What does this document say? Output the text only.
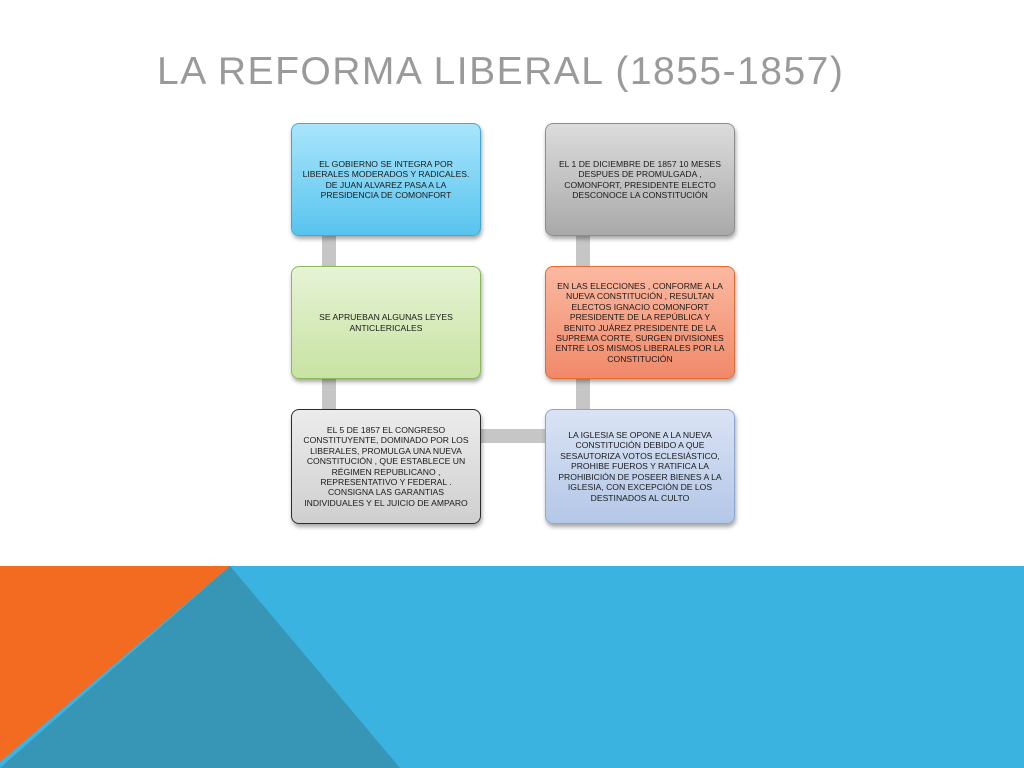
LA REFORMA LIBERAL (1855-1857)
EL GOBIERNO SE INTEGRA POR LIBERALES MODERADOS Y RADICALES. DE JUAN ALVAREZ PASA A LA PRESIDENCIA DE COMONFORT
SE APRUEBAN ALGUNAS LEYES ANTICLERICALES
EL 5 DE 1857 EL CONGRESO CONSTITUYENTE, DOMINADO POR LOS LIBERALES, PROMULGA UNA NUEVA CONSTITUCIÓN , QUE ESTABLECE UN RÉGIMEN REPUBLICANO , REPRESENTATIVO Y FEDERAL . CONSIGNA LAS GARANTIAS INDIVIDUALES Y EL JUICIO DE AMPARO
LA IGLESIA SE OPONE A LA NUEVA CONSTITUCIÓN DEBIDO A QUE SESAUTORIZA VOTOS ECLESIÁSTICO, PROHIBE FUEROS Y RATIFICA LA PROHIBICIÓN DE POSEER BIENES A LA IGLESIA, CON EXCEPCIÓN DE LOS DESTINADOS AL CULTO
EN LAS ELECCIONES , CONFORME A LA NUEVA CONSTITUCIÓN , RESULTAN ELECTOS IGNACIO COMONFORT PRESIDENTE DE LA REPÚBLICA Y BENITO JUÁREZ PRESIDENTE DE LA SUPREMA CORTE, SURGEN DIVISIONES ENTRE LOS MISMOS LIBERALES POR LA CONSTITUCIÓN
EL 1 DE DICIEMBRE DE 1857 10 MESES DESPUES DE PROMULGADA , COMONFORT, PRESIDENTE ELECTO DESCONOCE LA CONSTITUCIÓN
